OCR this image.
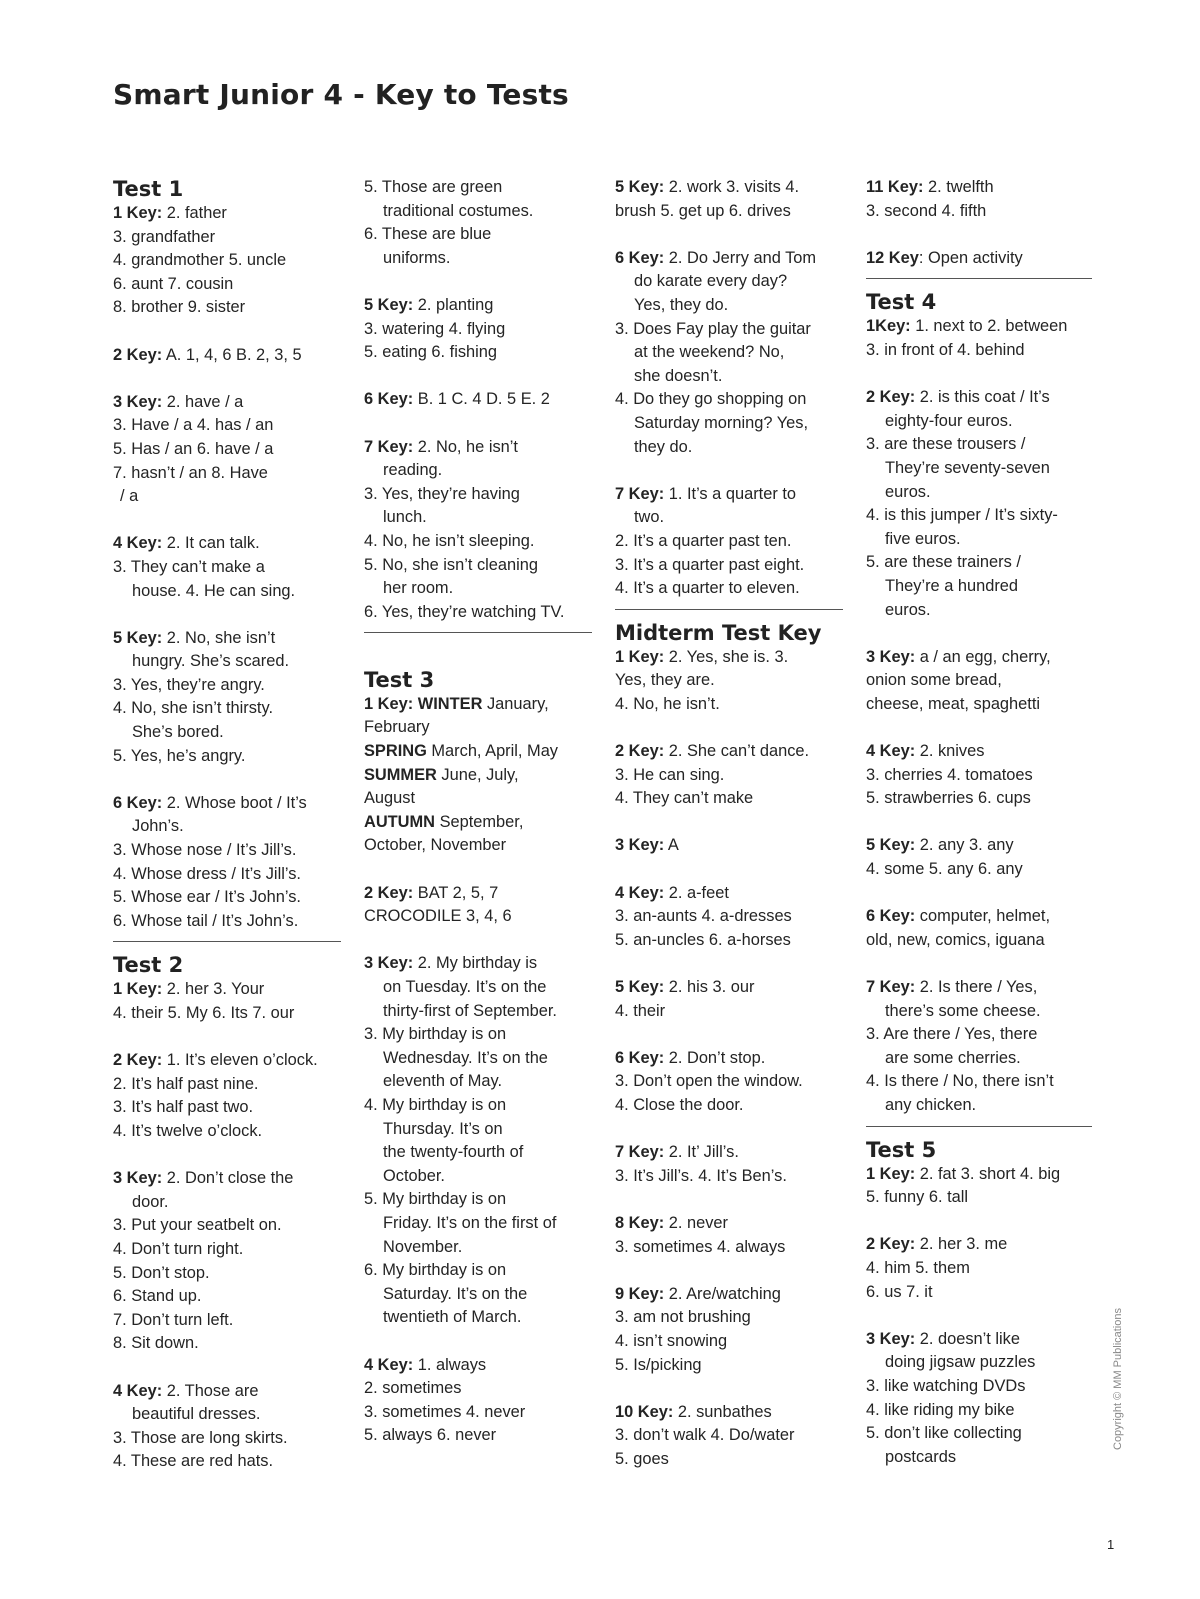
Smart Junior 4 - Key to Tests
Test 1
1 Key: 2. father
3. grandfather
4. grandmother 5. uncle
6. aunt 7. cousin
8. brother 9. sister
2 Key: A. 1, 4, 6 B. 2, 3, 5
3 Key: 2. have / a
3. Have / a 4. has / an
5. Has / an 6. have / a
7. hasn’t / an 8. Have
/ a
4 Key: 2. It can talk.
3. They can’t make a
house. 4. He can sing.
5 Key: 2. No, she isn’t
hungry. She’s scared.
3. Yes, they’re angry.
4. No, she isn’t thirsty.
She’s bored.
5. Yes, he’s angry.
6 Key: 2. Whose boot / It’s
John’s.
3. Whose nose / It’s Jill’s.
4. Whose dress / It’s Jill’s.
5. Whose ear / It’s John’s.
6. Whose tail / It’s John’s.
Test 2
1 Key: 2. her 3. Your
4. their 5. My 6. Its 7. our
2 Key: 1. It’s eleven o’clock.
2. It’s half past nine.
3. It’s half past two.
4. It’s twelve o’clock.
3 Key: 2. Don’t close the
door.
3. Put your seatbelt on.
4. Don’t turn right.
5. Don’t stop.
6. Stand up.
7. Don’t turn left.
8. Sit down.
4 Key: 2. Those are
beautiful dresses.
3. Those are long skirts.
4. These are red hats.
5. Those are green
traditional costumes.
6. These are blue
uniforms.
5 Key: 2. planting
3. watering 4. flying
5. eating 6. fishing
6 Key: B. 1 C. 4 D. 5 E. 2
7 Key: 2. No, he isn’t
reading.
3. Yes, they’re having
lunch.
4. No, he isn’t sleeping.
5. No, she isn’t cleaning
her room.
6. Yes, they’re watching TV.
Test 3
1 Key: WINTER January,
February
SPRING March, April, May
SUMMER June, July,
August
AUTUMN September,
October, November
2 Key: BAT 2, 5, 7
CROCODILE 3, 4, 6
3 Key: 2. My birthday is
on Tuesday. It’s on the
thirty-first of September.
3. My birthday is on
Wednesday. It’s on the
eleventh of May.
4. My birthday is on
Thursday. It’s on
the twenty-fourth of
October.
5. My birthday is on
Friday. It’s on the first of
November.
6. My birthday is on
Saturday. It’s on the
twentieth of March.
4 Key: 1. always
2. sometimes
3. sometimes 4. never
5. always 6. never
5 Key: 2. work 3. visits 4.
brush 5. get up 6. drives
6 Key: 2. Do Jerry and Tom
do karate every day?
Yes, they do.
3. Does Fay play the guitar
at the weekend? No,
she doesn’t.
4. Do they go shopping on
Saturday morning? Yes,
they do.
7 Key: 1. It’s a quarter to
two.
2. It’s a quarter past ten.
3. It’s a quarter past eight.
4. It’s a quarter to eleven.
Midterm Test Key
1 Key: 2. Yes, she is. 3.
Yes, they are.
4. No, he isn’t.
2 Key: 2. She can’t dance.
3. He can sing.
4. They can’t make
3 Key: A
4 Key: 2. a-feet
3. an-aunts 4. a-dresses
5. an-uncles 6. a-horses
5 Key: 2. his 3. our
4. their
6 Key: 2. Don’t stop.
3. Don’t open the window.
4. Close the door.
7 Key: 2. It’ Jill’s.
3. It’s Jill’s. 4. It’s Ben’s.
8 Key: 2. never
3. sometimes 4. always
9 Key: 2. Are/watching
3. am not brushing
4. isn’t snowing
5. Is/picking
10 Key: 2. sunbathes
3. don’t walk 4. Do/water
5. goes
11 Key: 2. twelfth
3. second 4. fifth
12 Key: Open activity
Test 4
1Key: 1. next to 2. between
3. in front of 4. behind
2 Key: 2. is this coat / It’s
eighty-four euros.
3. are these trousers /
They’re seventy-seven
euros.
4. is this jumper / It’s sixty-
five euros.
5. are these trainers /
They’re a hundred
euros.
3 Key: a / an egg, cherry,
onion some bread,
cheese, meat, spaghetti
4 Key: 2. knives
3. cherries 4. tomatoes
5. strawberries 6. cups
5 Key: 2. any 3. any
4. some 5. any 6. any
6 Key: computer, helmet,
old, new, comics, iguana
7 Key: 2. Is there / Yes,
there’s some cheese.
3. Are there / Yes, there
are some cherries.
4. Is there / No, there isn’t
any chicken.
Test 5
1 Key: 2. fat 3. short 4. big
5. funny 6. tall
2 Key: 2. her 3. me
4. him 5. them
6. us 7. it
3 Key: 2. doesn’t like
doing jigsaw puzzles
3. like watching DVDs
4. like riding my bike
5. don’t like collecting
postcards
Copyright © MM Publications
1
